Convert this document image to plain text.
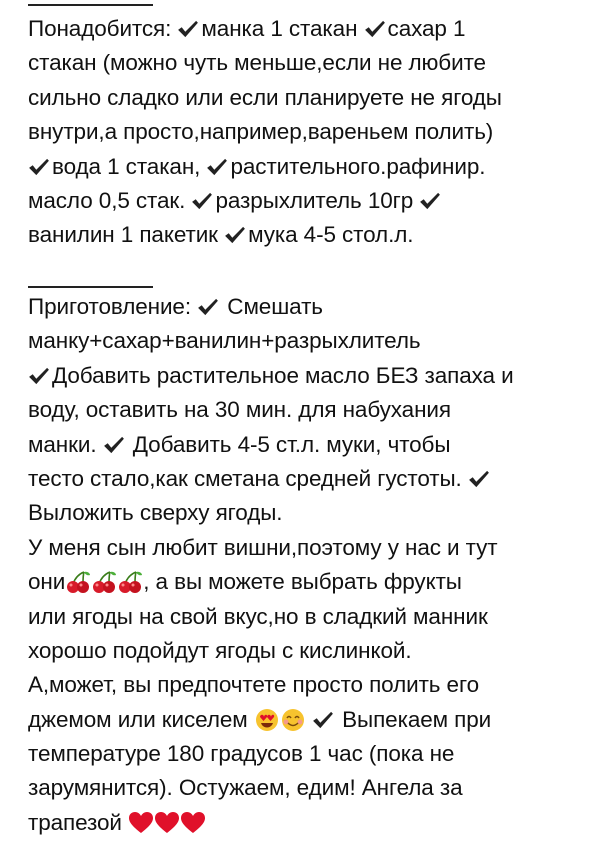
Понадобится: манка 1 стакан сахар 1
стакан (можно чуть меньше,если не любите
сильно сладко или если планируете не ягоды
внутри,а просто,например,вареньем полить)
вода 1 стакан, растительного.рафинир.
масло 0,5 стак. разрыхлитель 10гр
ванилин 1 пакетик мука 4-5 стол.л.
Приготовление:  Смешать
манку+сахар+ванилин+разрыхлитель
Добавить растительное масло БЕЗ запаха и
воду, оставить на 30 мин. для набухания
манки.  Добавить 4-5 ст.л. муки, чтобы
тесто стало,как сметана средней густоты.
Выложить сверху ягоды.
У меня сын любит вишни,поэтому у нас и тут
они	, а вы можете выбрать фрукты
или ягоды на свой вкус,но в сладкий манник
хорошо подойдут ягоды с кислинкой.
А,может, вы предпочтете просто полить его
джемом или киселем	Выпекаем при
температуре 180 градусов 1 час (пока не
зарумянится). Остужаем, едим! Ангела за
трапезой
